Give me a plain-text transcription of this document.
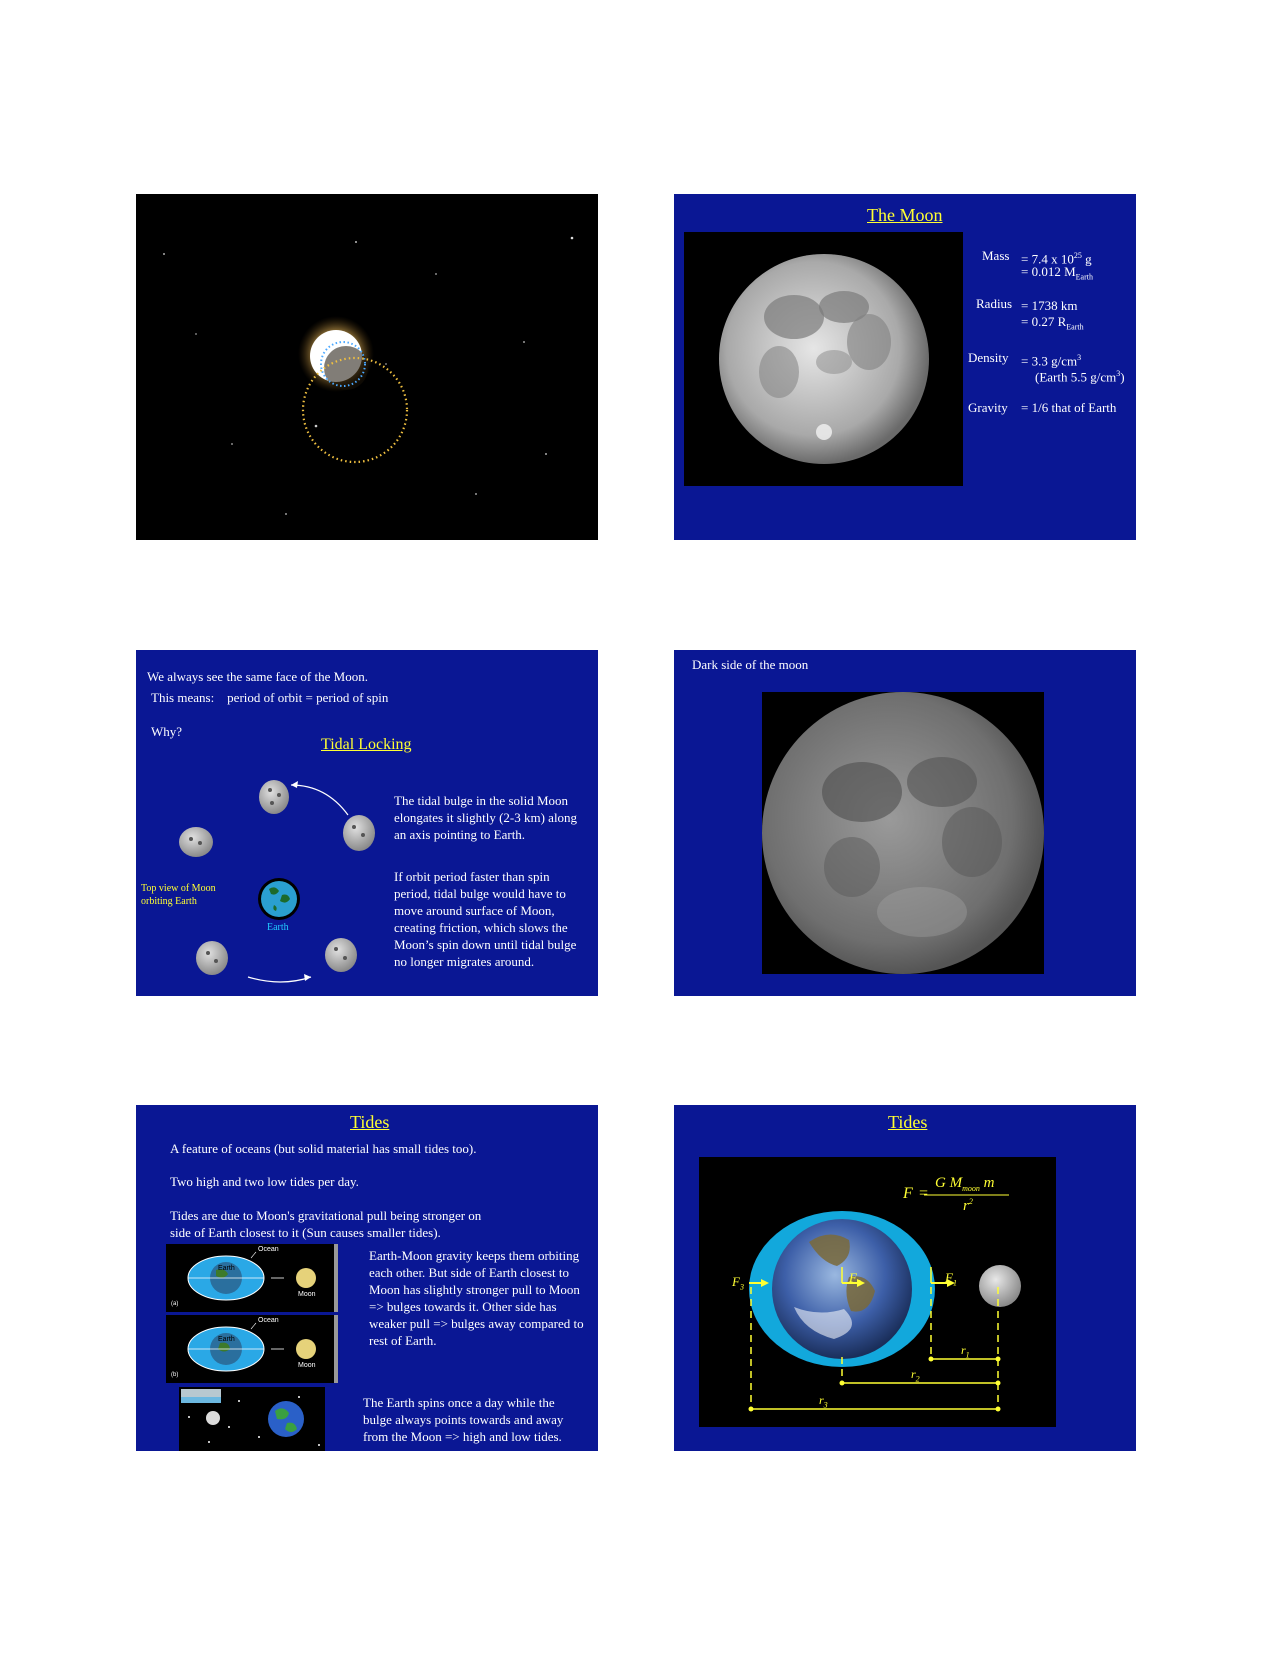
The Moon
Mass = 7.4 x $10^{25}$ g
= 0.012 $M_{Earth}$
Radius = 1738 km
= 0.27 $R_{Earth}$
Density = 3.3 $g/cm^3$
(Earth 5.5 $g/cm^3$)
Gravity = 1/6 that of Earth
We always see the same face of the Moon.
This means:    period of orbit = period of spin
Why?
Tidal Locking
Top view of Moon
orbiting Earth
Earth
The tidal bulge in the solid Moon elongates it slightly (2-3 km) along an axis pointing to Earth.
If orbit period faster than spin period, tidal bulge would have to move around surface of Moon, creating friction, which slows the Moon’s spin down until tidal bulge no longer migrates around.
Dark side of the moon
Tides
A feature of oceans (but solid material has small tides too).
Two high and two low tides per day.
Tides are due to Moon's gravitational pull being stronger on
side of Earth closest to it (Sun causes smaller tides).
Ocean
Earth
Moon
(a)
Ocean
Earth
Moon
(b)
Earth-Moon gravity keeps them orbiting each other. But side of Earth closest to Moon has slightly stronger pull to Moon => bulges towards it. Other side has weaker pull => bulges away compared to rest of Earth.
The Earth spins once a day while the bulge always points towards and away from the Moon => high and low tides.
Tides
F =
G $M_{moon}$ m
$r^2$
$F_3$
$F_2$	$F_1$
$r_1$
$r_2$
$r_3$
